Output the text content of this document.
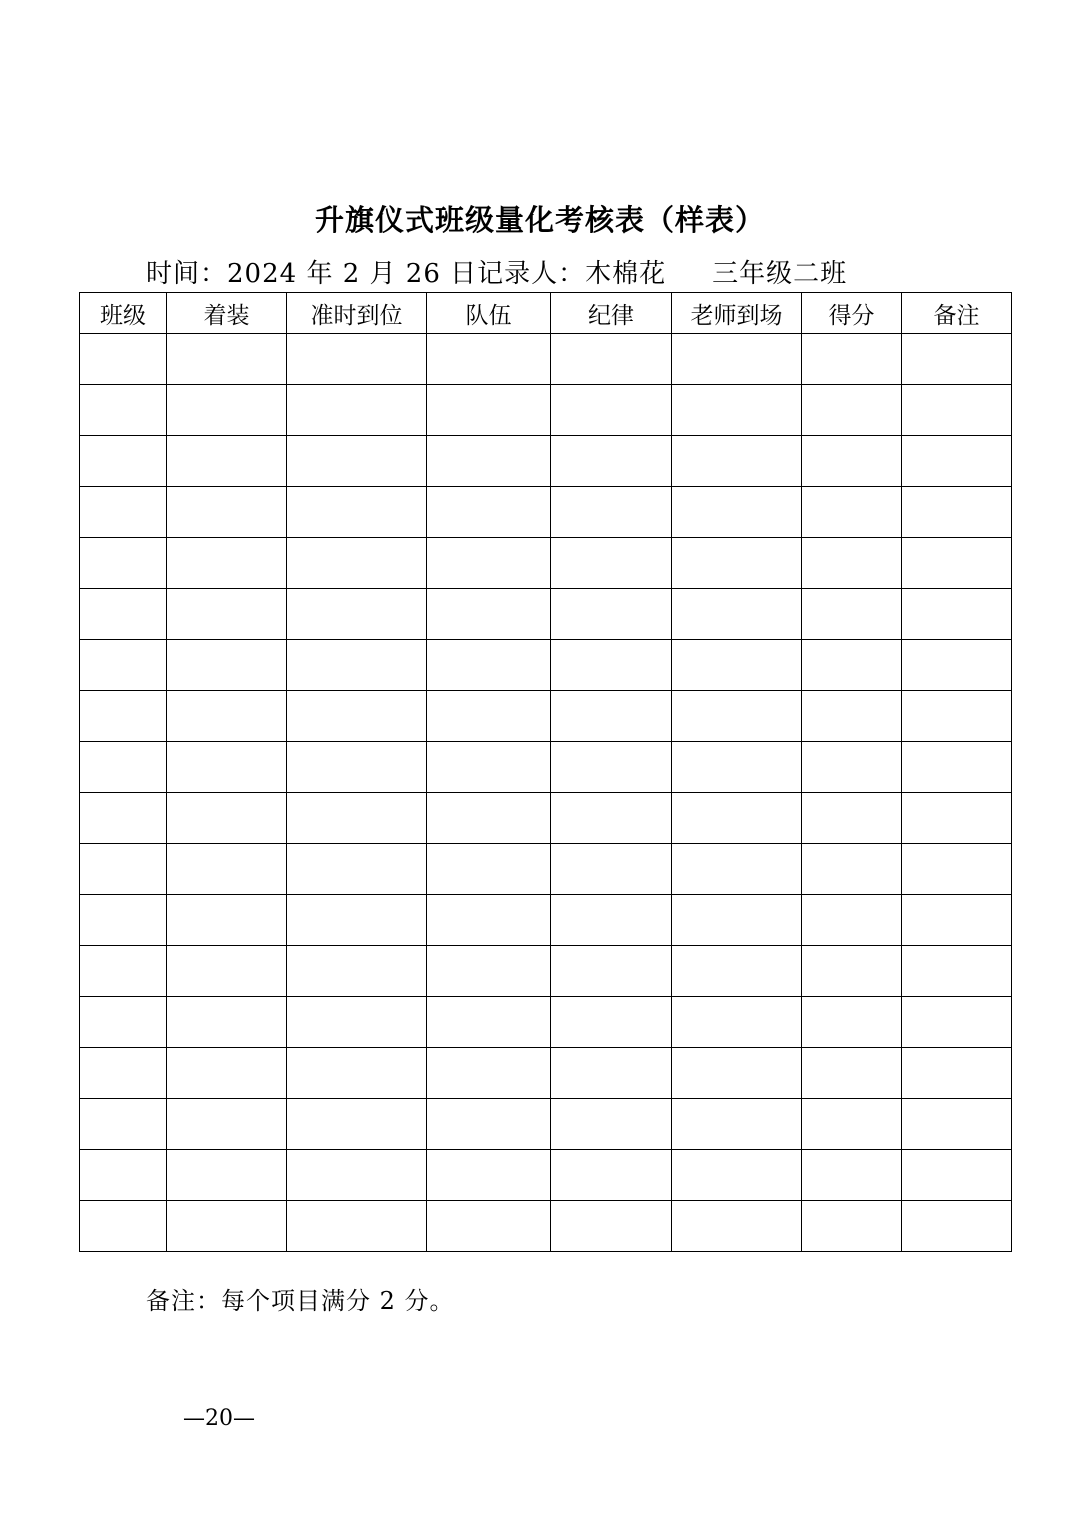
升旗仪式班级量化考核表（样表）
时间：2024 年 2 月 26 日记录人：木棉花 三年级二班
班级	着装	准时到位	队伍	纪律	老师到场	得分	备注

备注：每个项目满分 2 分。
—20—
